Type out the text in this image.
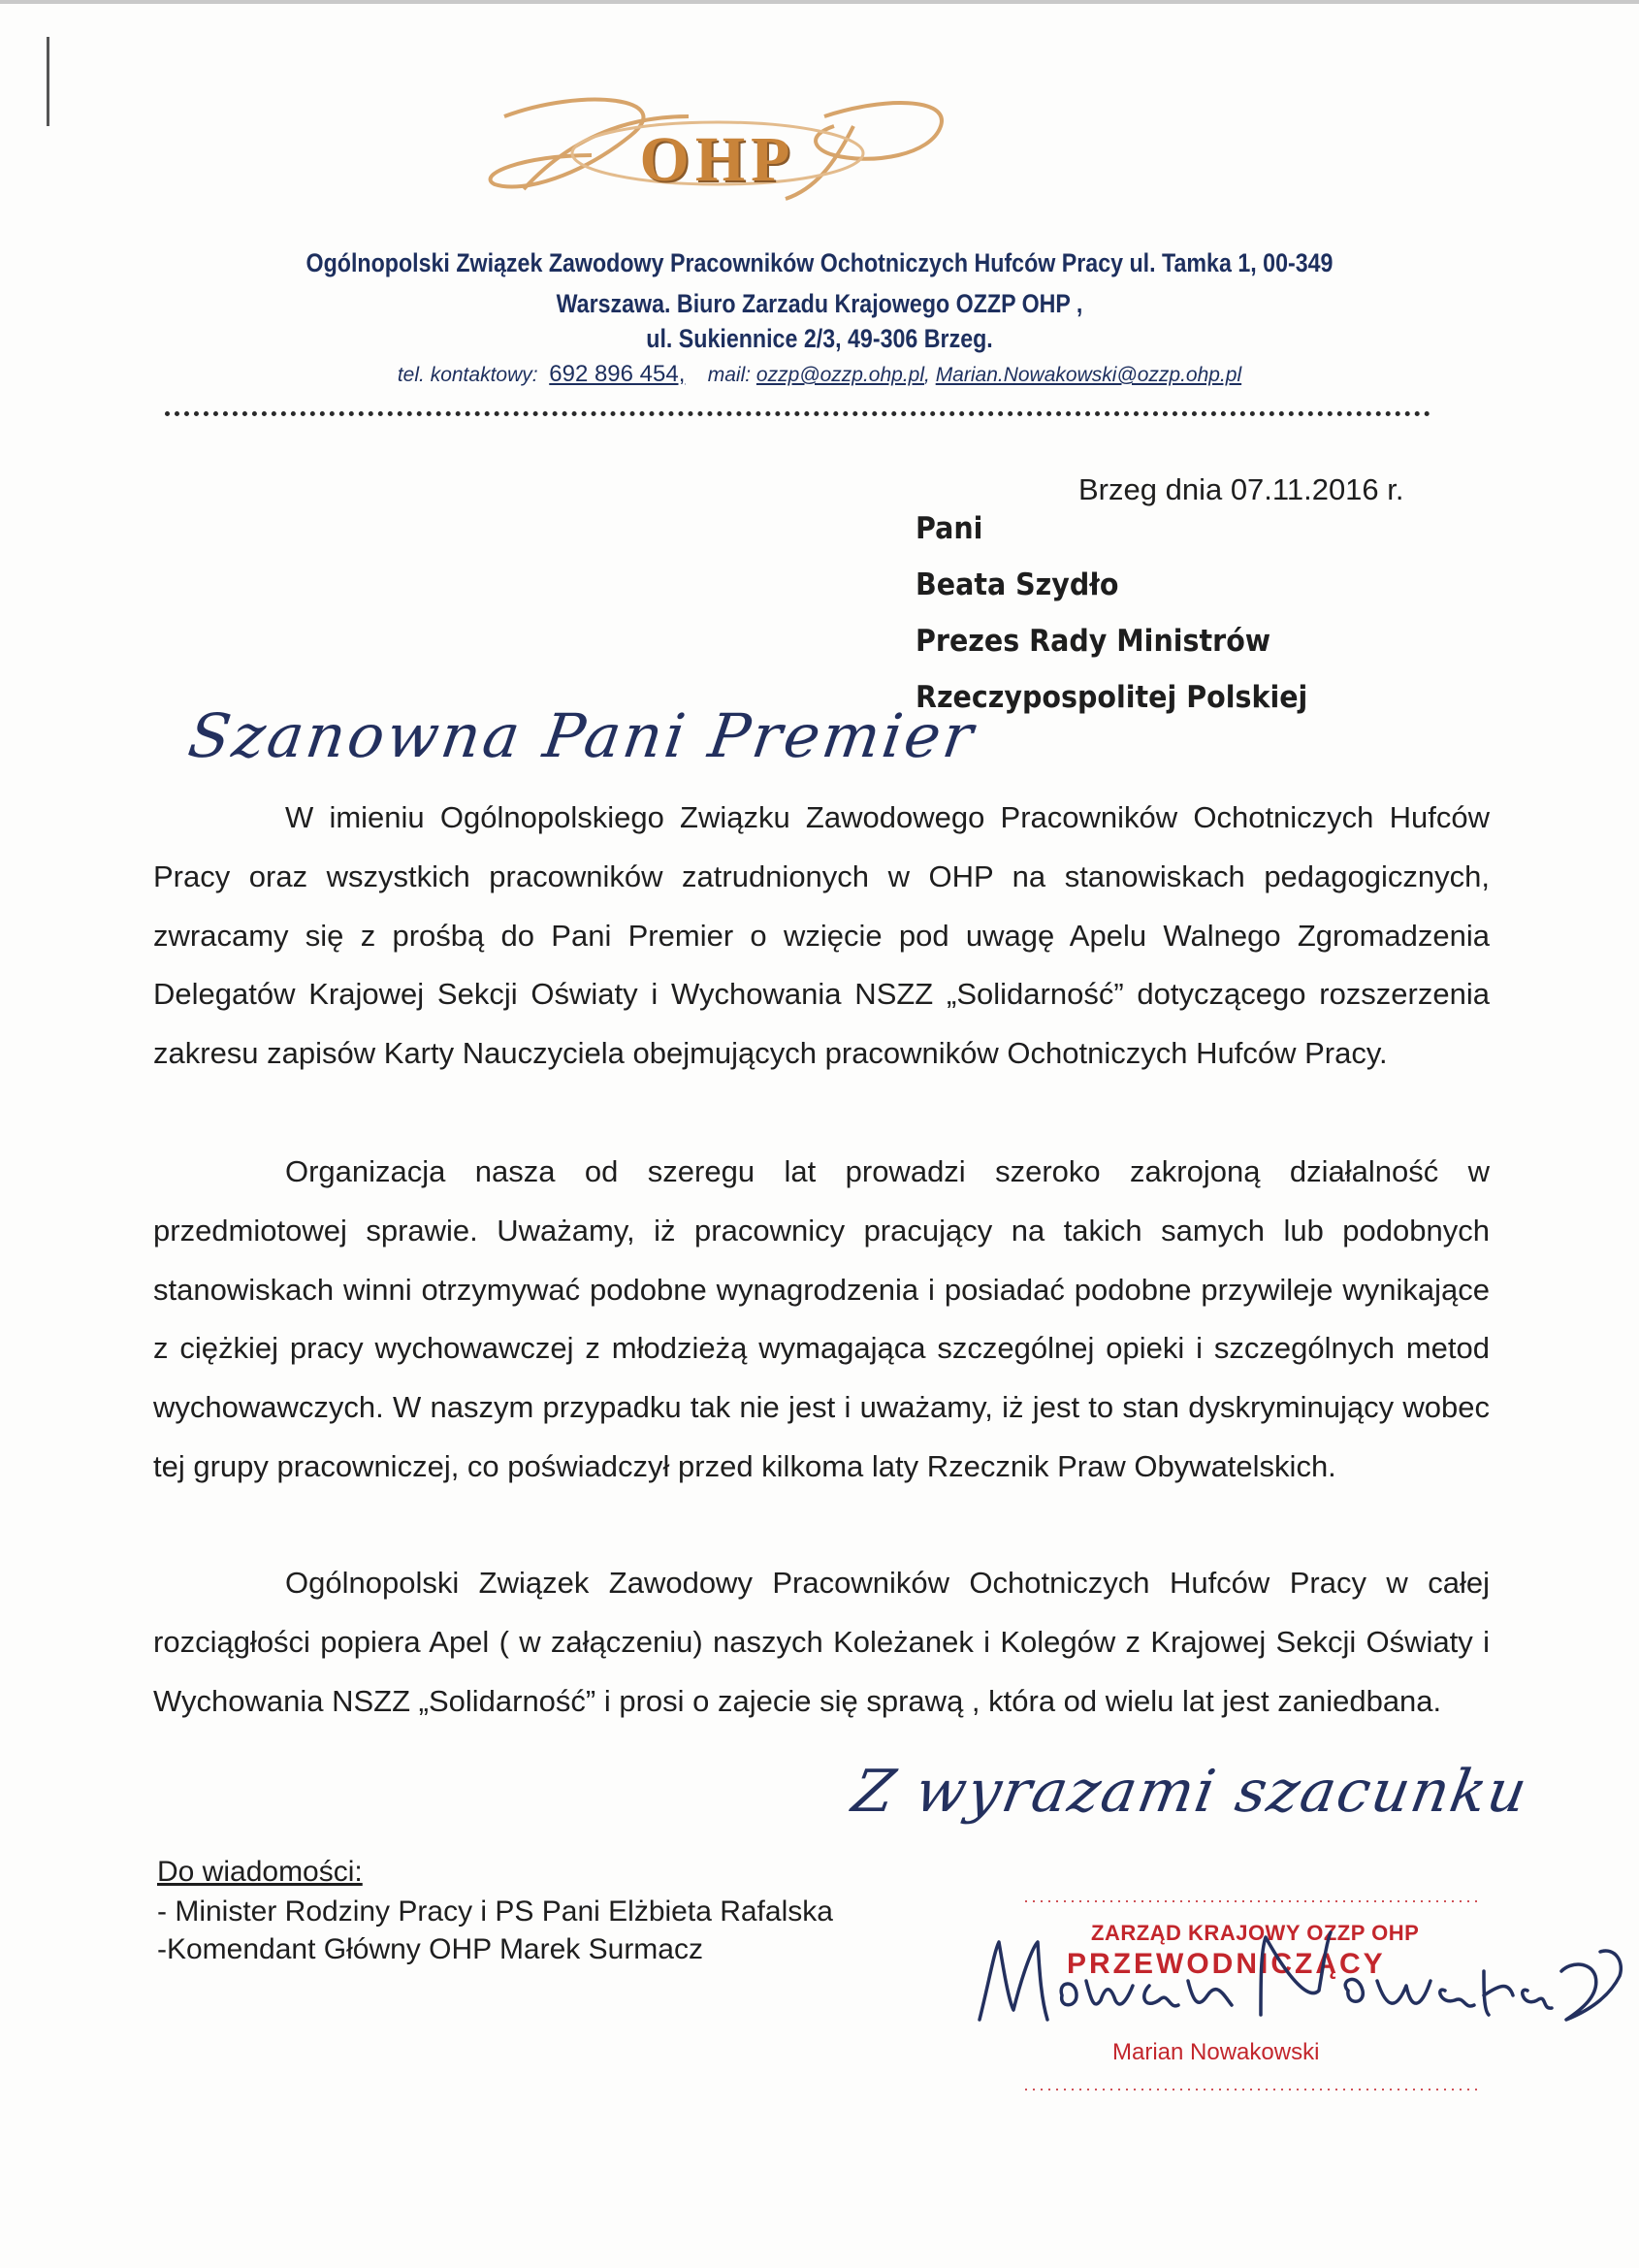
OHP
Ogólnopolski Związek Zawodowy Pracowników Ochotniczych Hufców Pracy ul. Tamka 1, 00-349
Warszawa. Biuro Zarzadu Krajowego OZZP OHP ,
ul. Sukiennice 2/3, 49-306 Brzeg.
tel. kontaktowy: 692 896 454, mail: ozzp@ozzp.ohp.pl, Marian.Nowakowski@ozzp.ohp.pl
Brzeg dnia 07.11.2016 r.
Pani
Beata Szydło
Prezes Rady Ministrów
Rzeczypospolitej Polskiej
Szanowna Pani Premier
W imieniu Ogólnopolskiego Związku Zawodowego Pracowników Ochotniczych Hufców Pracy oraz wszystkich pracowników zatrudnionych w OHP na stanowiskach pedagogicznych, zwracamy się z prośbą do Pani Premier o wzięcie pod uwagę Apelu Walnego Zgromadzenia Delegatów Krajowej Sekcji Oświaty i Wychowania NSZZ „Solidarność” dotyczącego rozszerzenia zakresu zapisów Karty Nauczyciela obejmujących pracowników Ochotniczych Hufców Pracy.
Organizacja nasza od szeregu lat prowadzi szeroko zakrojoną działalność w przedmiotowej sprawie. Uważamy, iż pracownicy pracujący na takich samych lub podobnych stanowiskach winni otrzymywać podobne wynagrodzenia i posiadać podobne przywileje wynikające z ciężkiej pracy wychowawczej z młodzieżą wymagająca szczególnej opieki i szczególnych metod wychowawczych. W naszym przypadku tak nie jest i uważamy, iż jest to stan dyskryminujący wobec tej grupy pracowniczej, co poświadczył przed kilkoma laty Rzecznik Praw Obywatelskich.
Ogólnopolski Związek Zawodowy Pracowników Ochotniczych Hufców Pracy w całej rozciągłości popiera Apel ( w załączeniu) naszych Koleżanek i Kolegów z Krajowej Sekcji Oświaty i Wychowania NSZZ „Solidarność” i prosi o zajecie się sprawą , która od wielu lat jest zaniedbana.
Z wyrazami szacunku
Do wiadomości:
- Minister Rodziny Pracy i PS Pani Elżbieta Rafalska
-Komendant Główny OHP Marek Surmacz
ZARZĄD KRAJOWY OZZP OHP
PRZEWODNICZĄCY
Marian Nowakowski
